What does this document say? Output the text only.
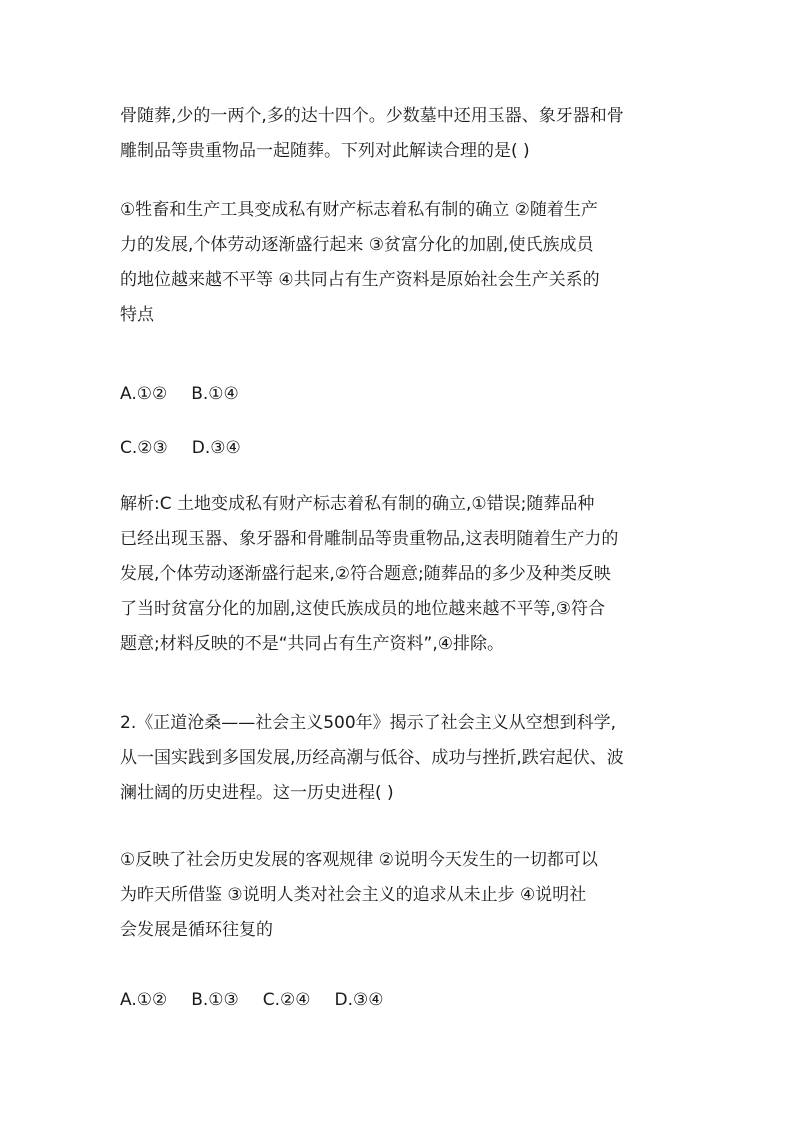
骨随葬,少的一两个,多的达十四个。少数墓中还用玉器、象牙器和骨
雕制品等贵重物品一起随葬。下列对此解读合理的是( )
①牲畜和生产工具变成私有财产标志着私有制的确立 ②随着生产
力的发展,个体劳动逐渐盛行起来 ③贫富分化的加剧,使氏族成员
的地位越来越不平等 ④共同占有生产资料是原始社会生产关系的
特点
A.①② B.①④
C.②③ D.③④
解析:C 土地变成私有财产标志着私有制的确立,①错误;随葬品种
已经出现玉器、象牙器和骨雕制品等贵重物品,这表明随着生产力的
发展,个体劳动逐渐盛行起来,②符合题意;随葬品的多少及种类反映
了当时贫富分化的加剧,这使氏族成员的地位越来越不平等,③符合
题意;材料反映的不是“共同占有生产资料”,④排除。
2.《正道沧桑——社会主义500年》揭示了社会主义从空想到科学,
从一国实践到多国发展,历经高潮与低谷、成功与挫折,跌宕起伏、波
澜壮阔的历史进程。这一历史进程( )
①反映了社会历史发展的客观规律 ②说明今天发生的一切都可以
为昨天所借鉴 ③说明人类对社会主义的追求从未止步 ④说明社
会发展是循环往复的
A.①② B.①③ C.②④ D.③④
